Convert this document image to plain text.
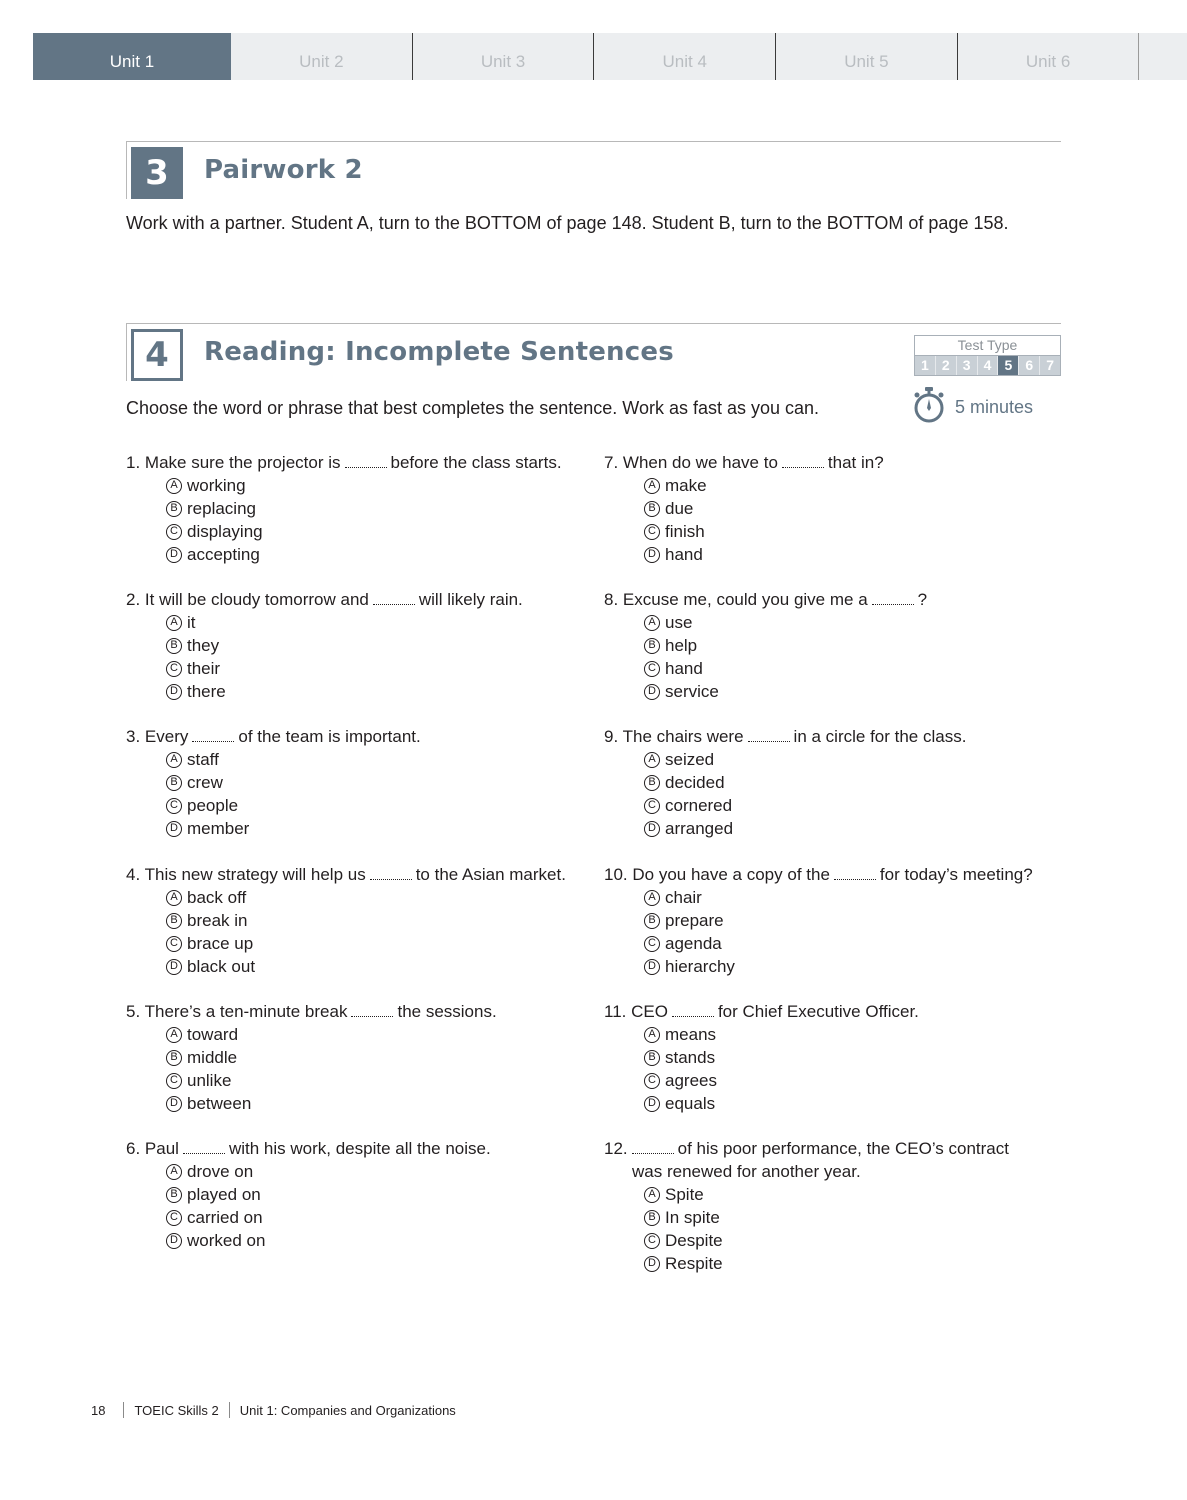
Unit 1	Unit 2	Unit 3	Unit 4	Unit 5	Unit 6
3	Pairwork 2
Work with a partner. Student A, turn to the BOTTOM of page 148. Student B, turn to the BOTTOM of page 158.
4	Reading: Incomplete Sentences
Choose the word or phrase that best completes the sentence. Work as fast as you can.
Test Type
1 2 3 4 5 6 7
5 minutes
1. Make sure the projector is	before the class starts.
A working
B replacing
C displaying
D accepting
2. It will be cloudy tomorrow and	will likely rain.
A it
B they
C their
D there
3. Every	of the team is important.
A staff
B crew
C people
D member
4. This new strategy will help us	to the Asian market.
A back off
B break in
C brace up
D black out
5. There’s a ten-minute break	the sessions.
A toward
B middle
C unlike
D between
6. Paul	with his work, despite all the noise.
A drove on
B played on
C carried on
D worked on
7. When do we have to	that in?
A make
B due
C finish
D hand
8. Excuse me, could you give me a	?
A use
B help
C hand
D service
9. The chairs were	in a circle for the class.
A seized
B decided
C cornered
D arranged
10. Do you have a copy of the	for today’s meeting?
A chair
B prepare
C agenda
D hierarchy
11. CEO	for Chief Executive Officer.
A means
B stands
C agrees
D equals
12.	of his poor performance, the CEO’s contract
was renewed for another year.
A Spite
B In spite
C Despite
D Respite
18 TOEIC Skills 2 Unit 1: Companies and Organizations
